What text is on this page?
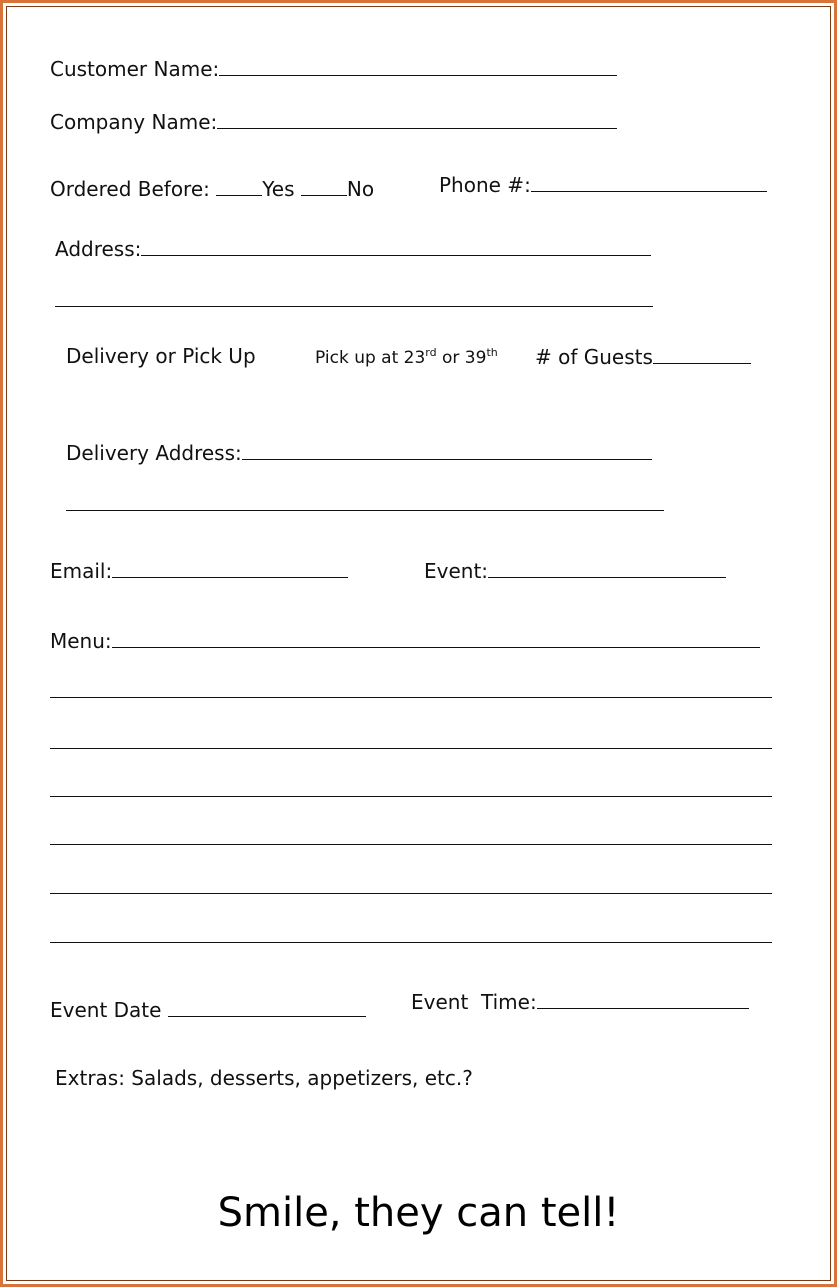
Customer Name:
Company Name:
Ordered Before:	Yes	No	Phone #:
Address:
Delivery or Pick Up	Pick up at 23rd or 39th # of Guests
Delivery Address:
Email:	Event:
Menu:
Event Date	Event  Time:
Extras: Salads, desserts, appetizers, etc.?
Smile, they can tell!
